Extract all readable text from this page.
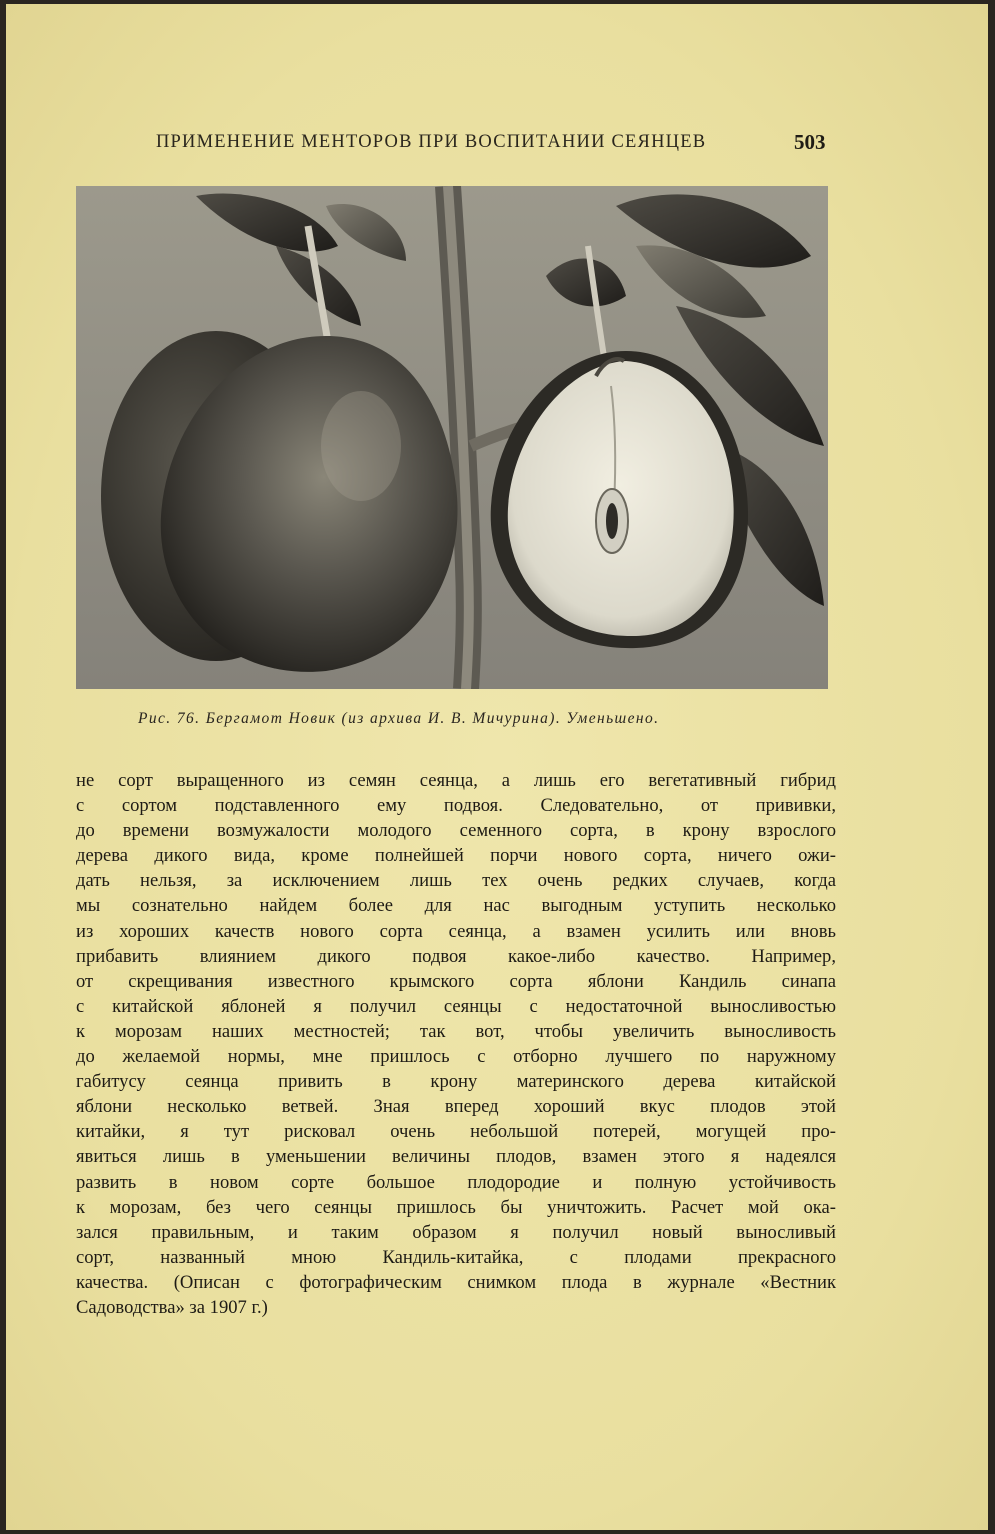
ПРИМЕНЕНИЕ МЕНТОРОВ ПРИ ВОСПИТАНИИ СЕЯНЦЕВ	503
Рис. 76. Бергамот Новик (из архива И. В. Мичурина). Уменьшено.
не сорт выращенного из семян сеянца, а лишь его вегетативный гибрид
с сортом подставленного ему подвоя. Следовательно, от прививки,
до времени возмужалости молодого семенного сорта, в крону взрослого
дерева дикого вида, кроме полнейшей порчи нового сорта, ничего ожи-
дать нельзя, за исключением лишь тех очень редких случаев, когда
мы сознательно найдем более для нас выгодным уступить несколько
из хороших качеств нового сорта сеянца, а взамен усилить или вновь
прибавить влиянием дикого подвоя какое-либо качество. Например,
от скрещивания известного крымского сорта яблони Кандиль синапа
с китайской яблоней я получил сеянцы с недостаточной выносливостью
к морозам наших местностей; так вот, чтобы увеличить выносливость
до желаемой нормы, мне пришлось с отборно лучшего по наружному
габитусу сеянца привить в крону материнского дерева китайской
яблони несколько ветвей. Зная вперед хороший вкус плодов этой
китайки, я тут рисковал очень небольшой потерей, могущей про-
явиться лишь в уменьшении величины плодов, взамен этого я надеялся
развить в новом сорте большое плодородие и полную устойчивость
к морозам, без чего сеянцы пришлось бы уничтожить. Расчет мой ока-
зался правильным, и таким образом я получил новый выносливый
сорт, названный мною Кандиль-китайка, с плодами прекрасного
качества. (Описан с фотографическим снимком плода в журнале «Вестник
Садоводства» за 1907 г.)
